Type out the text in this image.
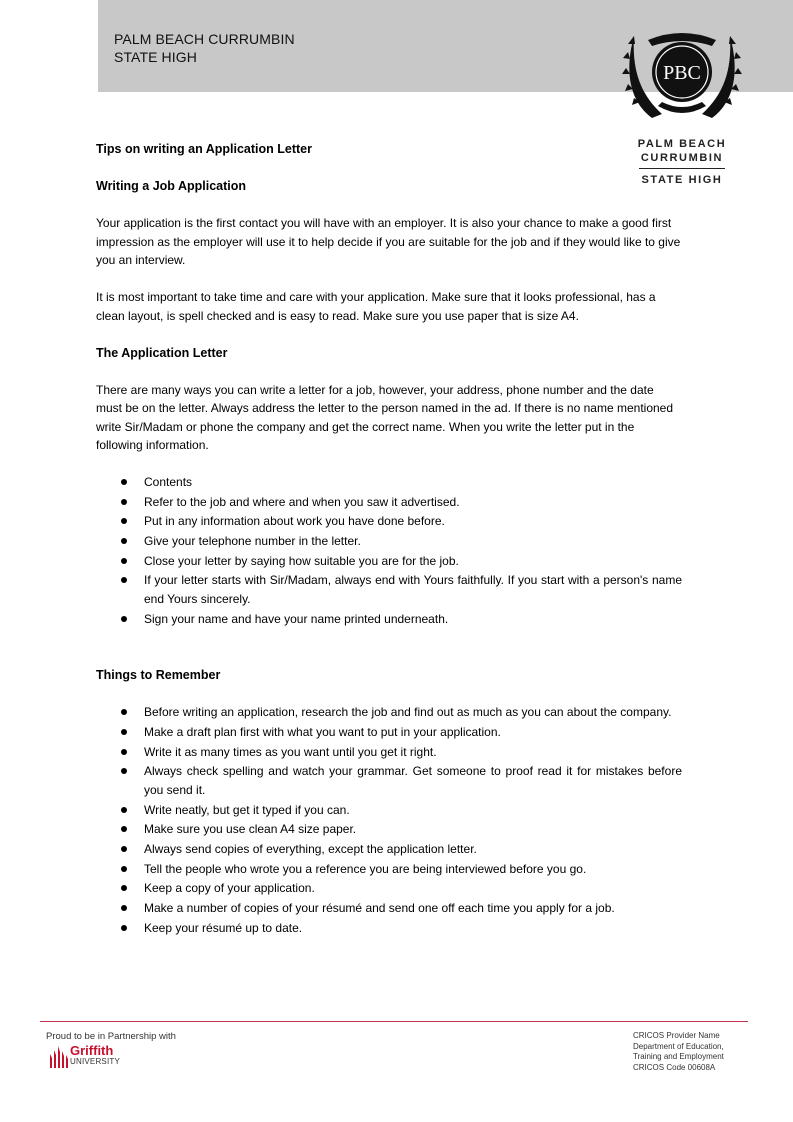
PALM BEACH CURRUMBIN
STATE HIGH
PBC
PALM BEACH
CURRUMBIN
STATE HIGH

Tips on writing an Application Letter

Writing a Job Application

Your application is the first contact you will have with an employer. It is also your chance to make a good first impression as the employer will use it to help decide if you are suitable for the job and if they would like to give you an interview.

It is most important to take time and care with your application. Make sure that it looks professional, has a clean layout, is spell checked and is easy to read. Make sure you use paper that is size A4.

The Application Letter

There are many ways you can write a letter for a job, however, your address, phone number and the date must be on the letter. Always address the letter to the person named in the ad. If there is no name mentioned write Sir/Madam or phone the company and get the correct name. When you write the letter put in the following information.

Contents
Refer to the job and where and when you saw it advertised.
Put in any information about work you have done before.
Give your telephone number in the letter.
Close your letter by saying how suitable you are for the job.
If your letter starts with Sir/Madam, always end with Yours faithfully. If you start with a person's name end Yours sincerely.
Sign your name and have your name printed underneath.

Things to Remember

Before writing an application, research the job and find out as much as you can about the company.
Make a draft plan first with what you want to put in your application.
Write it as many times as you want until you get it right.
Always check spelling and watch your grammar. Get someone to proof read it for mistakes before you send it.
Write neatly, but get it typed if you can.
Make sure you use clean A4 size paper.
Always send copies of everything, except the application letter.
Tell the people who wrote you a reference you are being interviewed before you go.
Keep a copy of your application.
Make a number of copies of your résumé and send one off each time you apply for a job.
Keep your résumé up to date.
Proud to be in Partnership with
Griffith
UNIVERSITY
CRICOS Provider Name
Department of Education,
Training and Employment
CRICOS Code 00608A
